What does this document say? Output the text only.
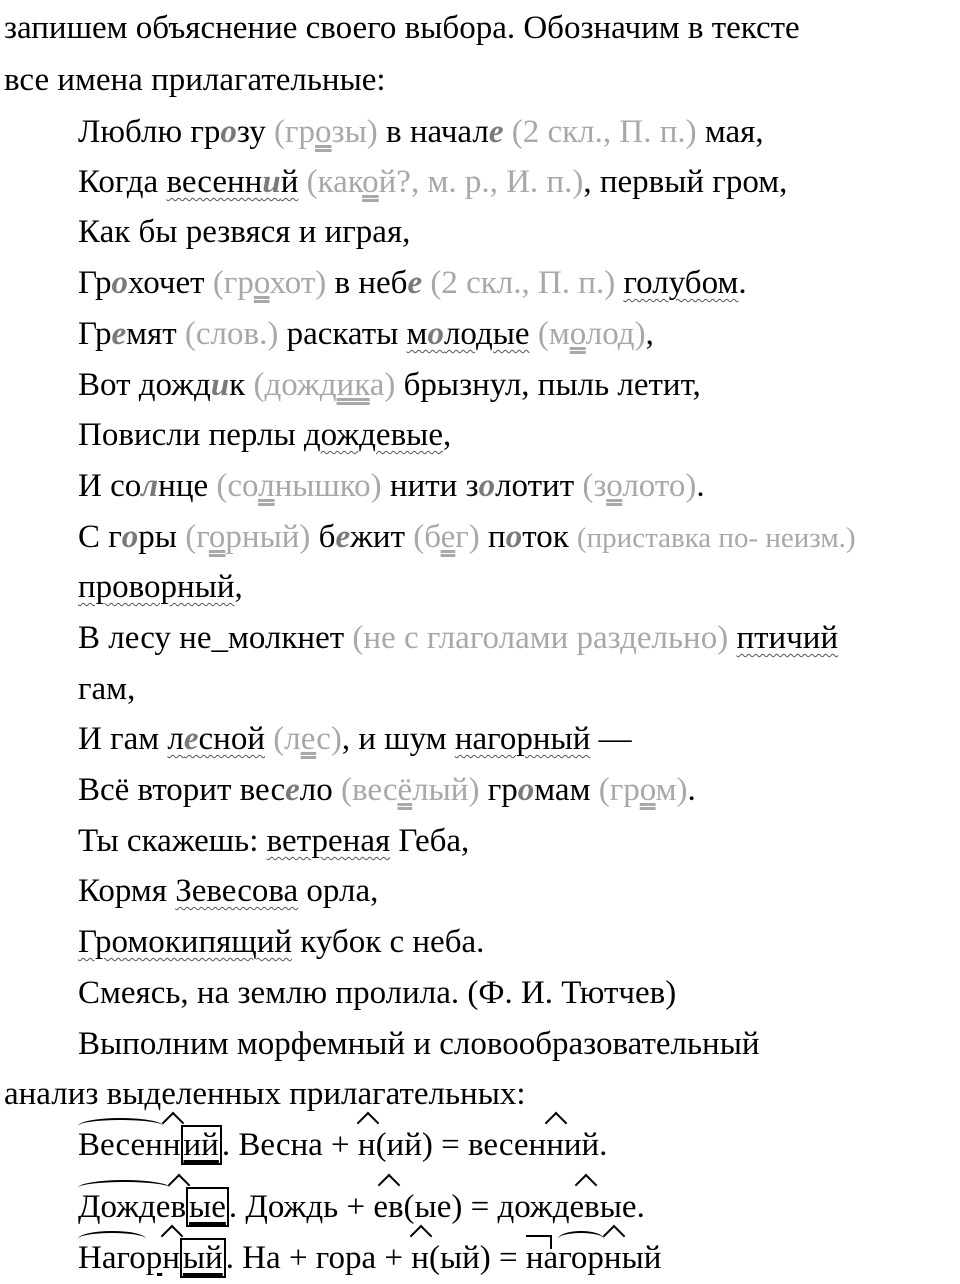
запишем объяснение своего выбора. Обозначим в тексте
все имена прилагательные:
Люблю грозу (грозы) в начале (2 скл., П. п.) мая,
Когда весенний (какой?, м. р., И. п.), первый гром,
Как бы резвяся и играя,
Грохочет (грохот) в небе (2 скл., П. п.) голубом.
Гремят (слов.) раскаты молодые (молод),
Вот дождик (дождика) брызнул, пыль летит,
Повисли перлы дождевые,
И солнце (солнышко) нити золотит (золото).
С горы (горный) бежит (бег) поток (приставка по- неизм.)
проворный,
В лесу не_молкнет (не с глаголами раздельно) птичий
гам,
И гам лесной (лес), и шум нагорный —
Всё вторит весело (весёлый) громам (гром).
Ты скажешь: ветреная Геба,
Кормя Зевесова орла,
Громокипящий кубок с неба.
Смеясь, на землю пролила. (Ф. И. Тютчев)
Выполним морфемный и словообразовательный
анализ выделенных прилагательных:
Весенний. Весна + н(ий) = весенний.
Дождевые. Дождь + ев(ые) = дождевые.
Нагорный. На + гора + н(ый) = нагорный
